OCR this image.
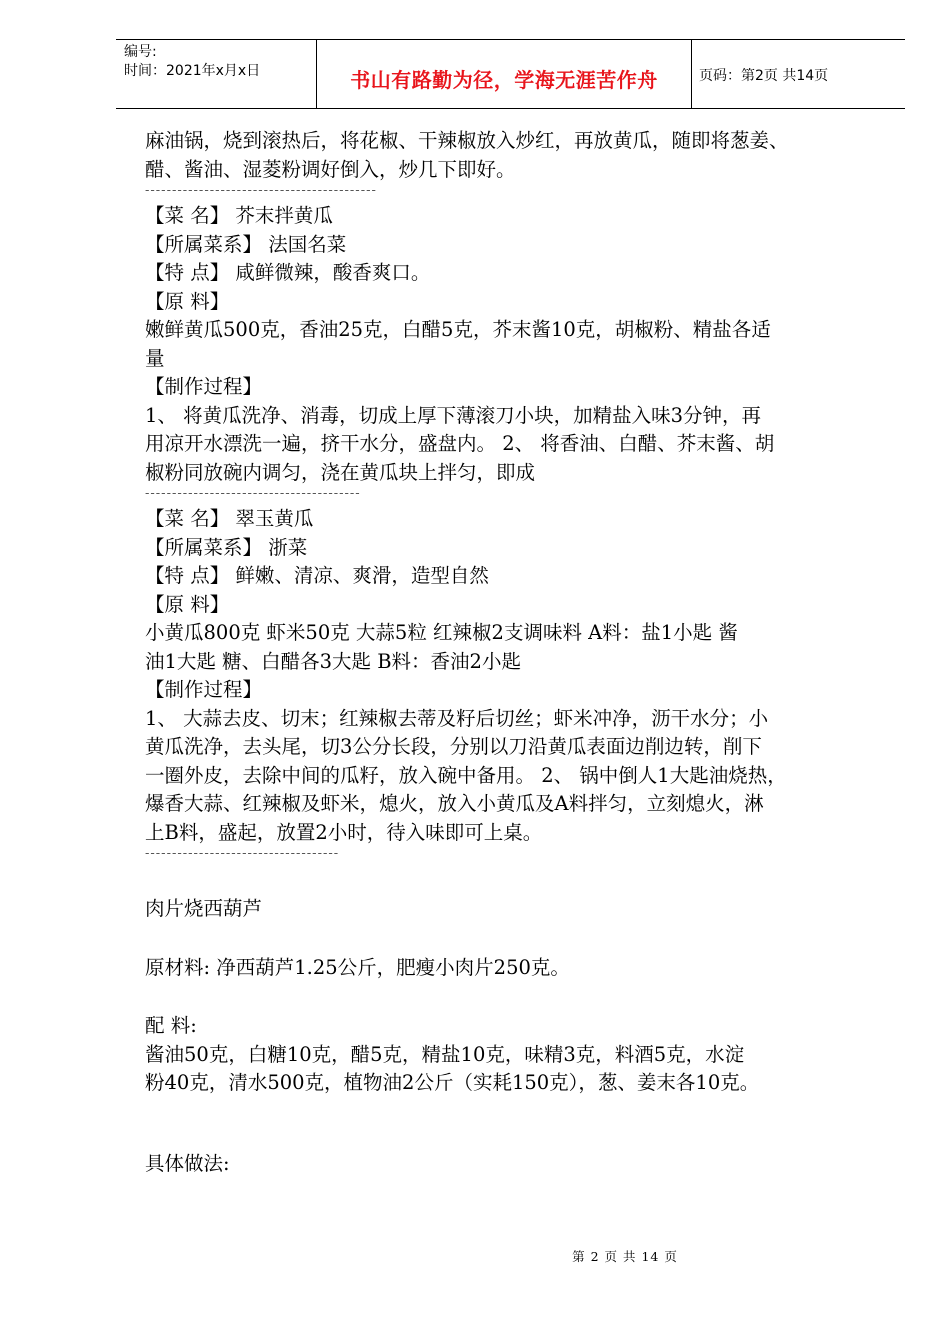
编号:
时间：2021年x月x日	书山有路勤为径，学海无涯苦作舟	页码：第2页 共14页
麻油锅，烧到滚热后，将花椒、干辣椒放入炒红，再放黄瓜，随即将葱姜、
醋、酱油、湿菱粉调好倒入，炒几下即好。
-------------------------------------------
【菜 名】 芥末拌黄瓜
【所属菜系】 法国名菜
【特 点】 咸鲜微辣，酸香爽口。
【原 料】
嫩鲜黄瓜500克，香油25克，白醋5克，芥末酱10克，胡椒粉、精盐各适
量
【制作过程】
1、 将黄瓜洗净、消毒，切成上厚下薄滚刀小块，加精盐入味3分钟，再
用凉开水漂洗一遍，挤干水分，盛盘内。 2、 将香油、白醋、芥末酱、胡
椒粉同放碗内调匀，浇在黄瓜块上拌匀，即成
----------------------------------------
【菜 名】 翠玉黄瓜
【所属菜系】 浙菜
【特 点】 鲜嫩、清凉、爽滑，造型自然
【原 料】
小黄瓜800克 虾米50克 大蒜5粒 红辣椒2支调味料 A料：盐1小匙 酱
油1大匙 糖、白醋各3大匙 B料：香油2小匙
【制作过程】
1、 大蒜去皮、切末；红辣椒去蒂及籽后切丝；虾米冲净，沥干水分；小
黄瓜洗净，去头尾，切3公分长段，分别以刀沿黄瓜表面边削边转，削下
一圈外皮，去除中间的瓜籽，放入碗中备用。 2、 锅中倒人1大匙油烧热，
爆香大蒜、红辣椒及虾米，熄火，放入小黄瓜及A料拌匀，立刻熄火，淋
上B料，盛起，放置2小时，待入味即可上桌。
------------------------------------
肉片烧西葫芦
原材料: 净西葫芦1.25公斤，肥瘦小肉片250克。
配 料:
酱油50克，白糖10克，醋5克，精盐10克，味精3克，料酒5克，水淀
粉40克，清水500克，植物油2公斤（实耗150克），葱、姜末各10克。
具体做法:
第 2 页 共 14 页
